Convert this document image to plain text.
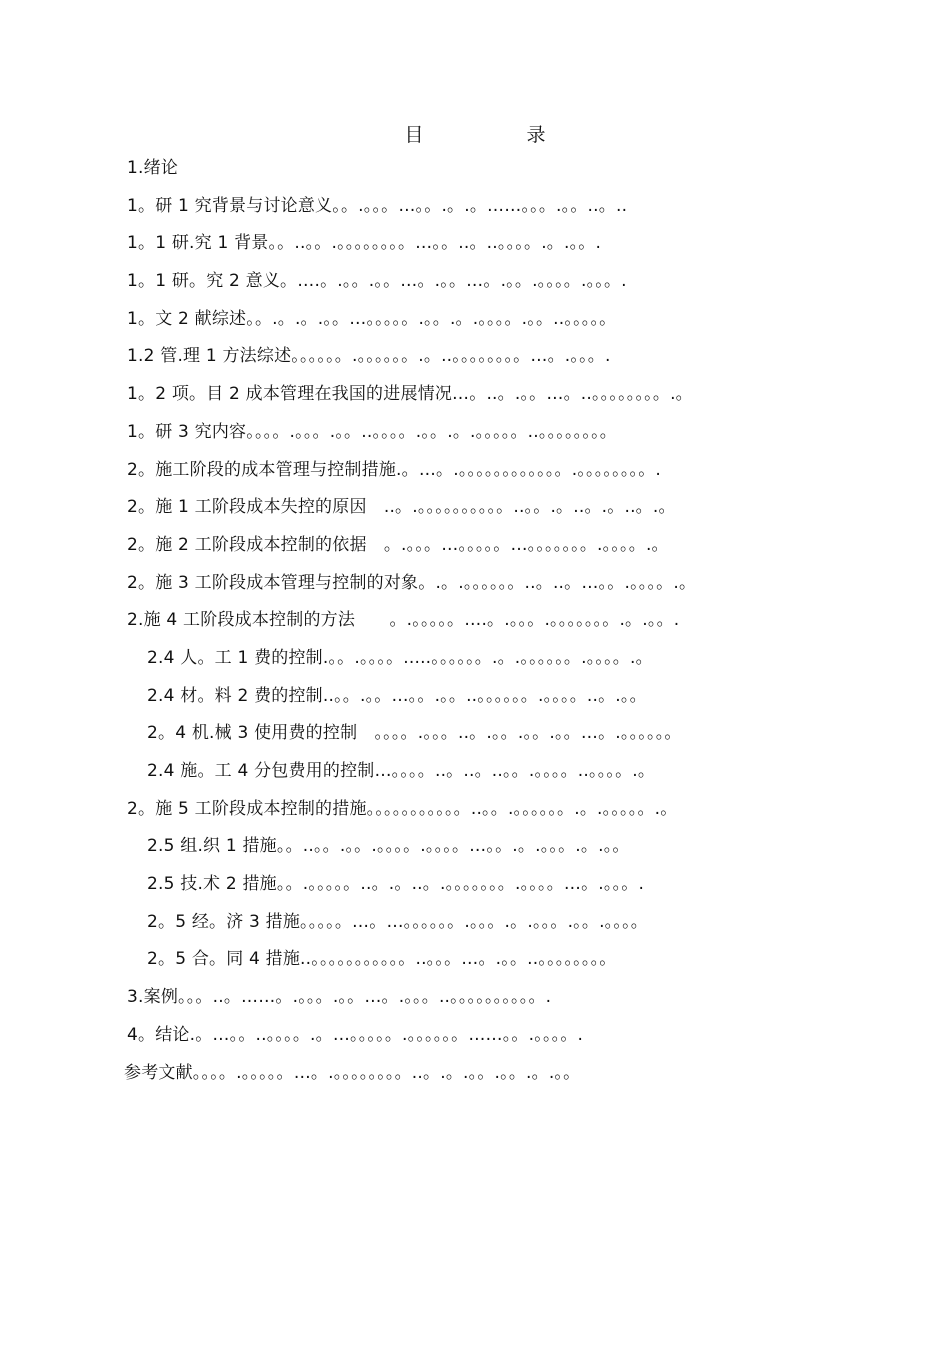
目　录
1.绪论
1。研 1 究背景与讨论意义。。.。。。…。。.。.。……。。。.。。..。..
1。1 研.究 1 背景。。..。。.。。。。。。。。…。。..。..。。。。.。.。。.
1。1 研。究 2 意义。….。.。。.。。…。.。。…。.。。.。。。。.。。。.
1。文 2 献综述。。.。.。.。。…。。。。。.。。.。.。。。。.。。..。。。。。
1.2 管.理 1 方法综述。。。。。。.。。。。。。.。..。。。。。。。。…。.。。。.
1。2 项。目 2 成本管理在我国的进展情况…。..。.。。…。..。。。。。。。。.。
1。研 3 究内容。。。。.。。。.。。..。。。。.。。.。.。。。。。..。。。。。。。。
2。施工阶段的成本管理与控制措施.。…。.。。。。。。。。。。。。.。。。。。。。。.
2。施 1 工阶段成本失控的原因　..。.。。。。。。。。。。..。。.。..。.。..。.。
2。施 2 工阶段成本控制的依据　。.。。。…。。。。。…。。。。。。。.。。。。.。
2。施 3 工阶段成本管理与控制的对象。.。.。。。。。。..。..。…。。.。。。。.。
2.施 4 工阶段成本控制的方法　　。.。。。。。….。.。。。.。。。。。。。.。.。。.
2.4 人。工 1 费的控制.。。.。。。。.....。。。。。。.。.。。。。。。.。。。。.。
2.4 材。料 2 费的控制..。。.。。…。。.。。..。。。。。。.。。。。..。.。。
2。4 机.械 3 使用费的控制　。。。。.。。。..。.。。.。。.。。…。.。。。。。。
2.4 施。工 4 分包费用的控制…。。。。..。..。..。。.。。。。..。。。。.。
2。施 5 工阶段成本控制的措施。。。。。。。。。。。..。。.。。。。。。.。.。。。。。.。
2.5 组.织 1 措施。。..。。.。。.。。。。.。。。。…。。.。.。。。.。.。。
2.5 技.术 2 措施。。.。。。。。..。.。..。.。。。。。。。.。。。。…。.。。。.
2。5 经。济 3 措施。。。。。…。…。。。。。。.。。。.。.。。。.。。.。。。。
2。5 合。同 4 措施..。。。。。。。。。。。..。。。…。.。。..。。。。。。。。
3.案例。。。..。……。.。。。.。。…。.。。。..。。。。。。。。。。.
4。结论.。…。。..。。。。.。…。。。。。.。。。。。。……。。.。。。。.
参考文献。。。。.。。。。。…。.。。。。。。。。..。.。.。。.。。.。.。。
